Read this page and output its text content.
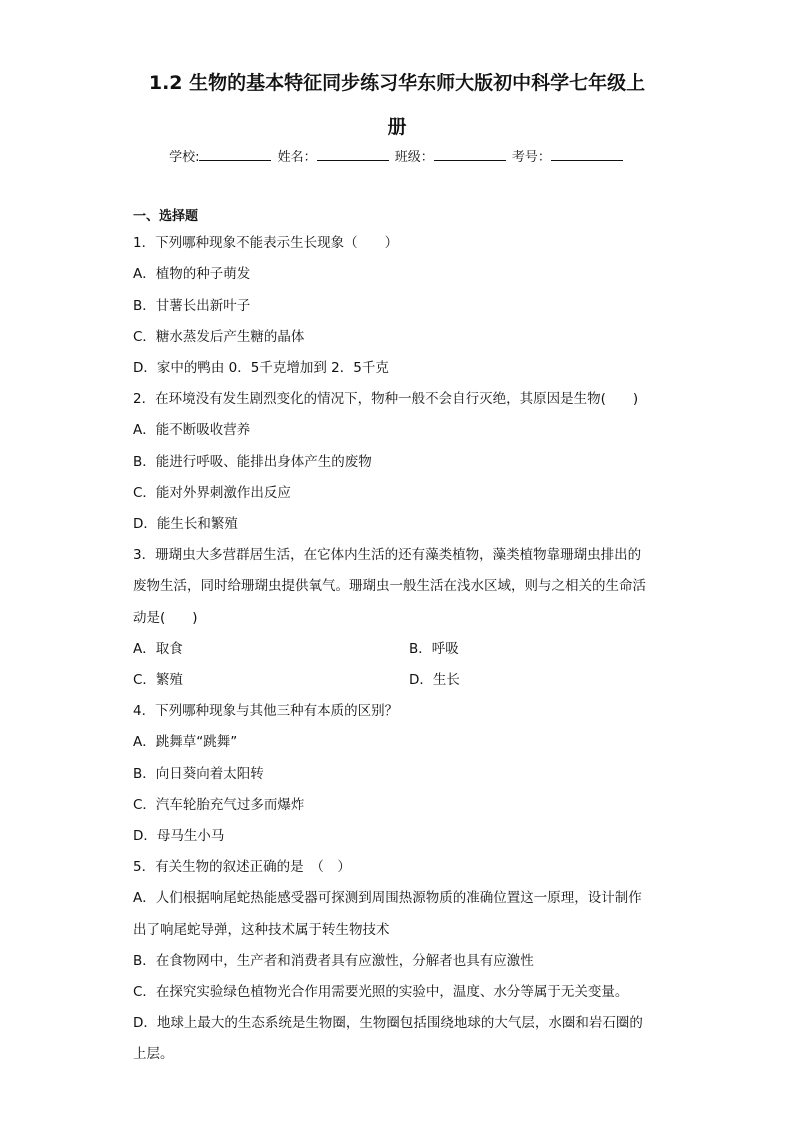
1.2 生物的基本特征同步练习华东师大版初中科学七年级上
册
学校:	姓名：	班级：	考号：
一、选择题
1．下列哪种现象不能表示生长现象（　　）
A．植物的种子萌发
B．甘薯长出新叶子
C．糖水蒸发后产生糖的晶体
D．家中的鸭由 0．5千克增加到 2．5千克
2．在环境没有发生剧烈变化的情况下，物种一般不会自行灭绝，其原因是生物(　　)
A．能不断吸收营养
B．能进行呼吸、能排出身体产生的废物
C．能对外界刺激作出反应
D．能生长和繁殖
3．珊瑚虫大多营群居生活，在它体内生活的还有藻类植物，藻类植物靠珊瑚虫排出的
废物生活，同时给珊瑚虫提供氧气。珊瑚虫一般生活在浅水区域，则与之相关的生命活
动是(　　)
A．取食	B．呼吸
C．繁殖	D．生长
4．下列哪种现象与其他三种有本质的区别？
A．跳舞草“跳舞”
B．向日葵向着太阳转
C．汽车轮胎充气过多而爆炸
D．母马生小马
5．有关生物的叙述正确的是　（　）
A．人们根据响尾蛇热能感受器可探测到周围热源物质的准确位置这一原理，设计制作
出了响尾蛇导弹，这种技术属于转生物技术
B．在食物网中，生产者和消费者具有应激性，分解者也具有应激性
C．在探究实验绿色植物光合作用需要光照的实验中，温度、水分等属于无关变量。
D．地球上最大的生态系统是生物圈，生物圈包括围绕地球的大气层，水圈和岩石圈的
上层。
